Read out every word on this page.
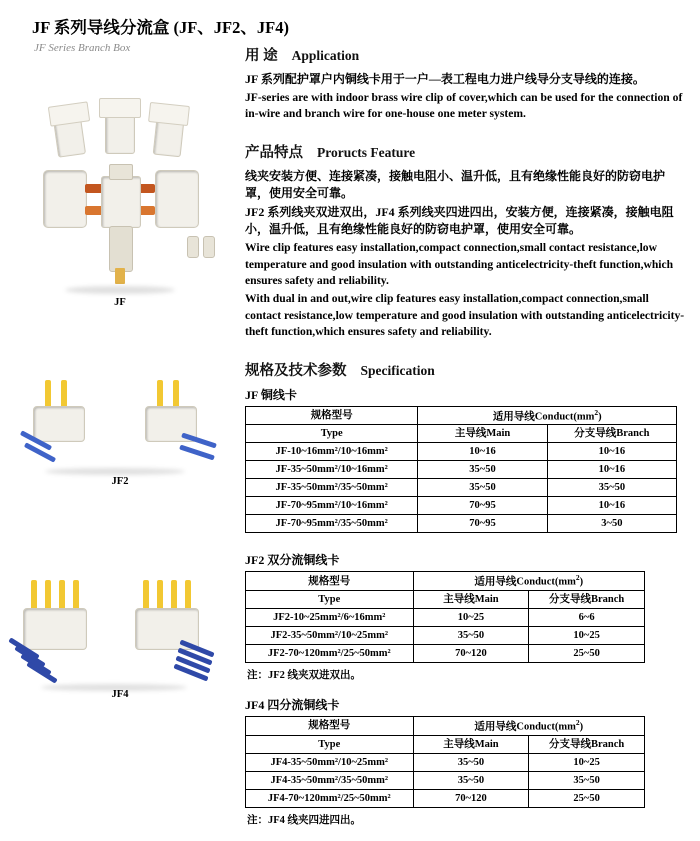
JF 系列导线分流盒 (JF、JF2、JF4)
JF Series Branch Box
JF
JF2
JF4
用 途 Application

JF 系列配护罩户内铜线卡用于一户—表工程电力进户线导分支导线的连接。

JF-series are with indoor brass wire clip of cover,which can be used for the connection of in-wire and branch wire for one-house one meter system.

产品特点 Proructs Feature

线夹安装方便、连接紧凑，接触电阻小、温升低，且有绝缘性能良好的防窃电护罩，使用安全可靠。

JF2 系列线夹双进双出，JF4 系列线夹四进四出，安装方便，连接紧凑，接触电阻小，温升低，且有绝缘性能良好的防窃电护罩，使用安全可靠。

Wire clip features easy installation,compact connection,small contact resistance,low temperature and good insulation with outstanding anticelectricity-theft function,which ensures safety and reliability.

With dual in and out,wire clip features easy installation,compact connection,small contact resistance,low temperature and good insulation with outstanding anticelectricity-theft function,which ensures safety and reliability.

规格及技术参数 Specification
JF 铜线卡
规格型号	适用导线$Conduct(mm^2)$	
Type	主导线Main	分支导线Branch
JF-10~16mm²/10~16mm²	10~16	10~16
JF-35~50mm²/10~16mm²	35~50	10~16
JF-35~50mm²/35~50mm²	35~50	35~50
JF-70~95mm²/10~16mm²	70~95	10~16
JF-70~95mm²/35~50mm²	70~95	3~50
JF2 双分流铜线卡
规格型号	适用导线$Conduct(mm^2)$	
Type	主导线Main	分支导线Branch
JF2-10~25mm²/6~16mm²	10~25	6~6
JF2-35~50mm²/10~25mm²	35~50	10~25
JF2-70~120mm²/25~50mm²	70~120	25~50
注：JF2 线夹双进双出。
JF4 四分流铜线卡
规格型号	适用导线$Conduct(mm^2)$	
Type	主导线Main	分支导线Branch
JF4-35~50mm²/10~25mm²	35~50	10~25
JF4-35~50mm²/35~50mm²	35~50	35~50
JF4-70~120mm²/25~50mm²	70~120	25~50
注：JF4 线夹四进四出。
